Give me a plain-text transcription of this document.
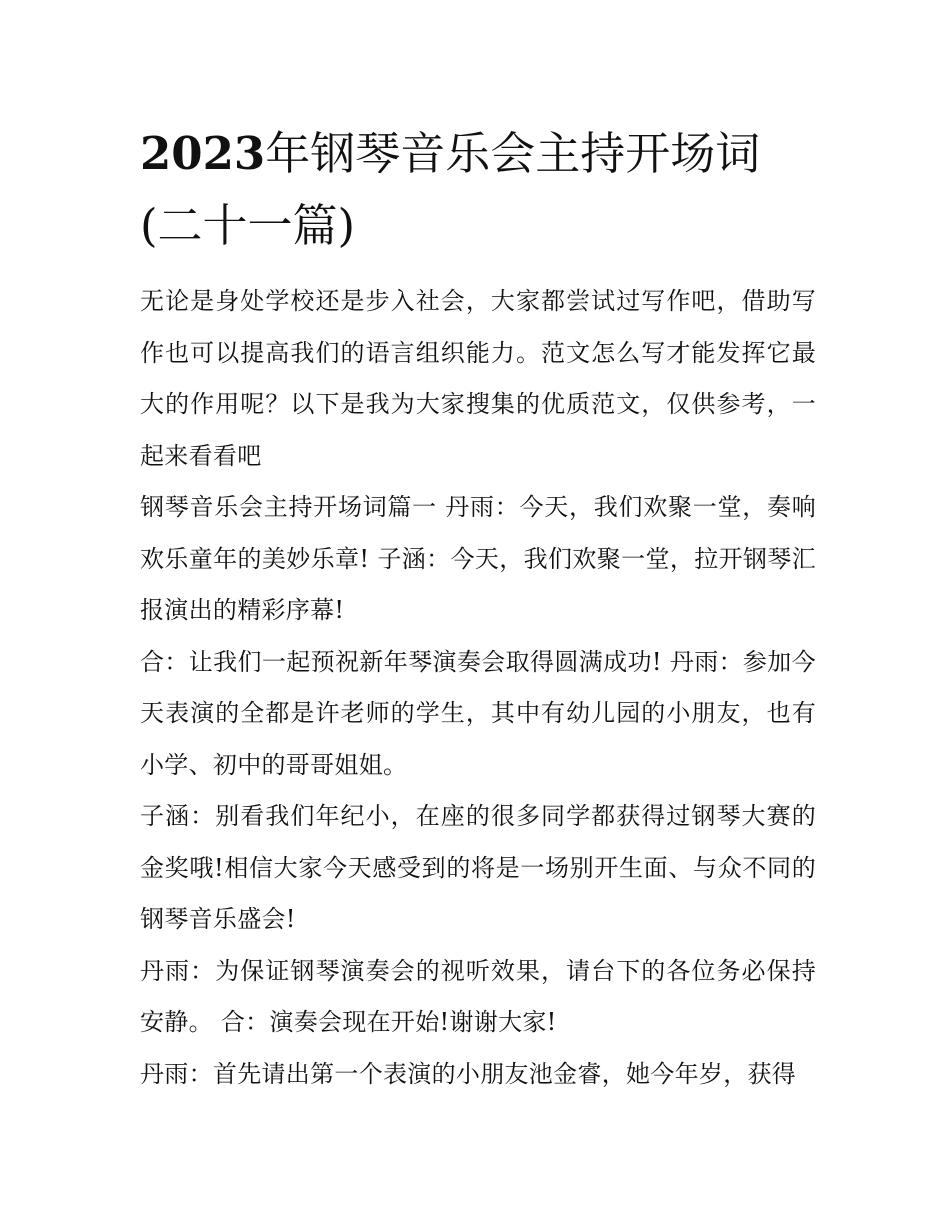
2023年钢琴音乐会主持开场词
(二十一篇)

无论是身处学校还是步入社会，大家都尝试过写作吧，借助写作也可以提高我们的语言组织能力。范文怎么写才能发挥它最大的作用呢？以下是我为大家搜集的优质范文，仅供参考，一起来看看吧

钢琴音乐会主持开场词篇一 丹雨：今天，我们欢聚一堂，奏响欢乐童年的美妙乐章! 子涵：今天，我们欢聚一堂，拉开钢琴汇报演出的精彩序幕!

合：让我们一起预祝新年琴演奏会取得圆满成功! 丹雨：参加今天表演的全都是许老师的学生，其中有幼儿园的小朋友，也有小学、初中的哥哥姐姐。

子涵：别看我们年纪小，在座的很多同学都获得过钢琴大赛的金奖哦!相信大家今天感受到的将是一场别开生面、与众不同的钢琴音乐盛会!

丹雨：为保证钢琴演奏会的视听效果，请台下的各位务必保持安静。 合：演奏会现在开始!谢谢大家!

丹雨：首先请出第一个表演的小朋友池金睿，她今年岁，获得
